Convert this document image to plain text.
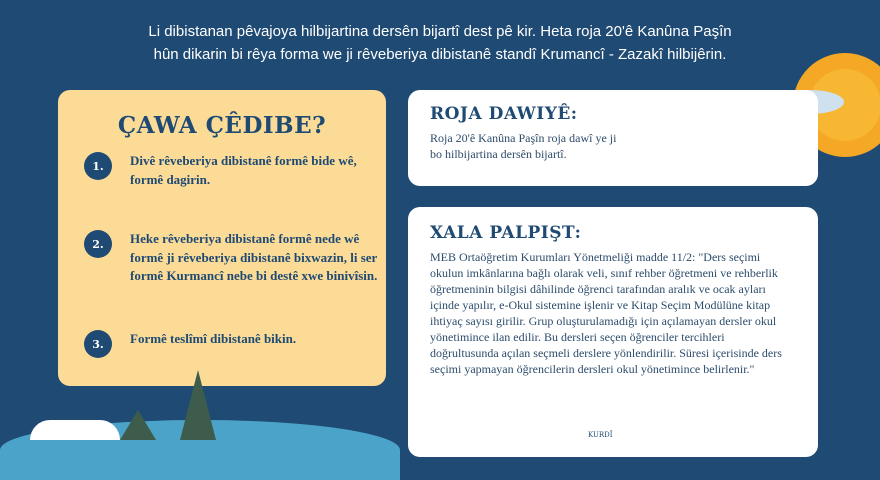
Li dibistanan pêvajoya hilbijartina dersên bijartî dest pê kir. Heta roja 20'ê Kanûna Paşîn hûn dikarin bi rêya forma we ji rêveberiya dibistanê standî Krumancî - Zazakî hilbijêrin.
ÇAWA ÇÊDIBE?
1.	Divê rêveberiya dibistanê formê bide wê, formê dagirin.
2.	Heke rêveberiya dibistanê formê nede wê formê ji rêveberiya dibistanê bixwazin, li ser formê Kurmancî nebe bi destê xwe binivîsin.
3.	Formê teslîmî dibistanê bikin.
ROJA DAWIYÊ:

Roja 20'ê Kanûna Paşîn roja dawî ye ji bo hilbijartina dersên bijartî.

XALA PALPIŞT:

MEB Ortaöğretim Kurumları Yönetmeliği madde 11/2: "Ders seçimi okulun imkânlarına bağlı olarak veli, sınıf rehber öğretmeni ve rehberlik öğretmeninin bilgisi dâhilinde öğrenci tarafından aralık ve ocak ayları içinde yapılır, e-Okul sistemine işlenir ve Kitap Seçim Modülüne kitap ihtiyaç sayısı girilir. Grup oluşturulamadığı için açılamayan dersler okul yönetimince ilan edilir. Bu dersleri seçen öğrenciler tercihleri doğrultusunda açılan seçmeli derslere yönlendirilir. Süresi içerisinde ders seçimi yapmayan öğrencilerin dersleri okul yönetimince belirlenir."

KURDÎ
